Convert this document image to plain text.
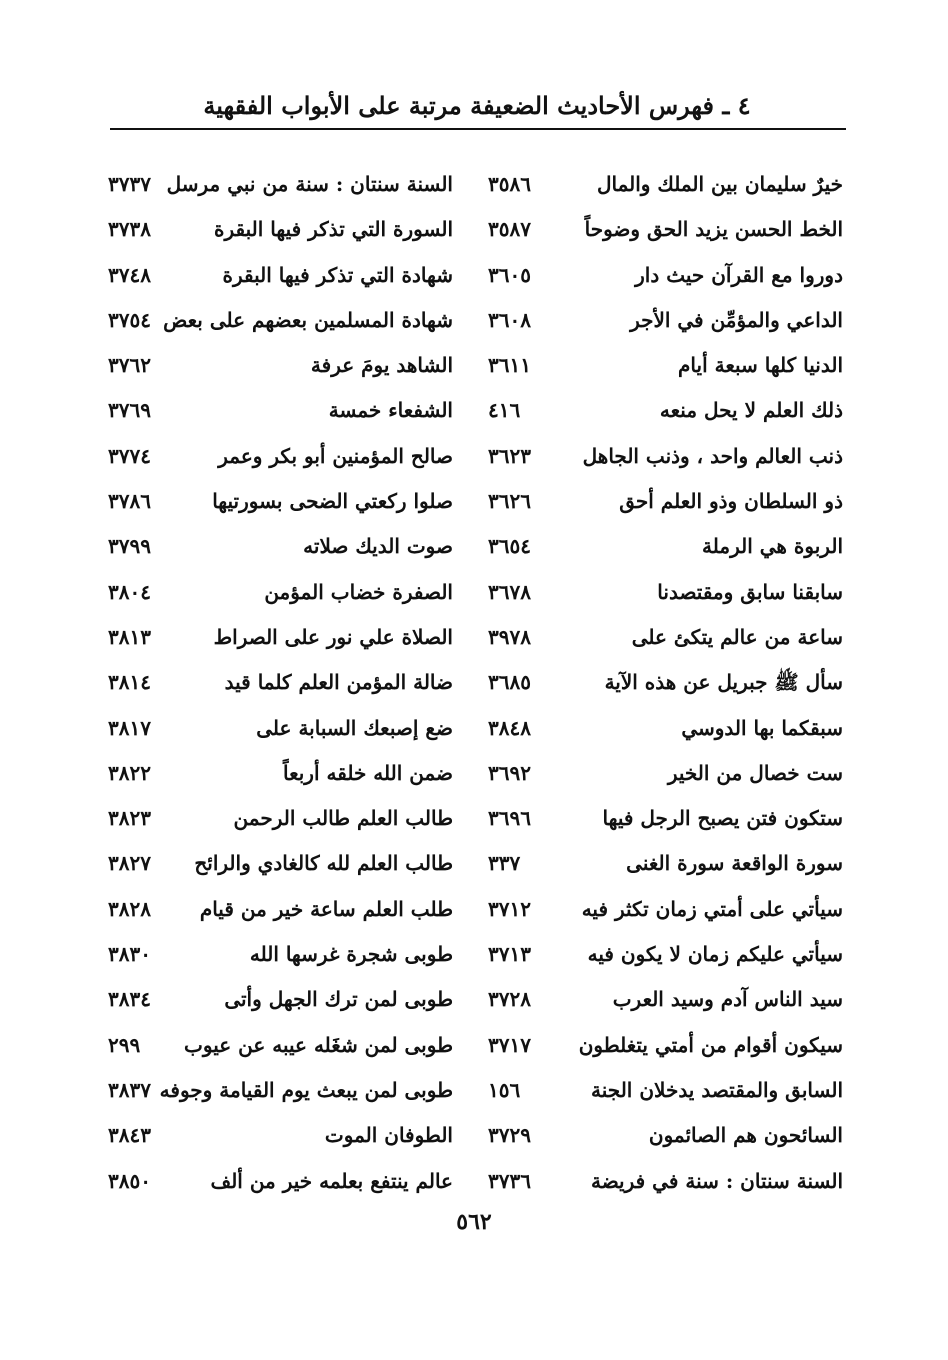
٤ ـ فهرس الأحاديث الضعيفة مرتبة على الأبواب الفقهية
خيرٌ سليمان بين الملك والمال
٣٥٨٦
السنة سنتان : سنة من نبي مرسل
٣٧٣٧
الخط الحسن يزيد الحق وضوحاً
٣٥٨٧
السورة التي تذكر فيها البقرة
٣٧٣٨
دوروا مع القرآن حيث دار
٣٦٠٥
شهادة التي تذكر فيها البقرة
٣٧٤٨
الداعي والمؤمِّن في الأجر
٣٦٠٨
شهادة المسلمين بعضهم على بعض
٣٧٥٤
الدنيا كلها سبعة أيام
٣٦١١
الشاهد يومَ عرفة
٣٧٦٢
ذلك العلم لا يحل منعه
٤١٦
الشفعاء خمسة
٣٧٦٩
ذنب العالم واحد ، وذنب الجاهل
٣٦٢٣
صالح المؤمنين أبو بكر وعمر
٣٧٧٤
ذو السلطان وذو العلم أحق
٣٦٢٦
صلوا ركعتي الضحى بسورتيها
٣٧٨٦
الربوة هي الرملة
٣٦٥٤
صوت الديك صلاته
٣٧٩٩
سابقنا سابق ومقتصدنا
٣٦٧٨
الصفرة خضاب المؤمن
٣٨٠٤
ساعة من عالم يتكئ على
٣٩٧٨
الصلاة علي نور على الصراط
٣٨١٣
سأل ﷺ جبريل عن هذه الآية
٣٦٨٥
ضالة المؤمن العلم كلما قيد
٣٨١٤
سبقكما بها الدوسي
٣٨٤٨
ضع إصبعك السبابة على
٣٨١٧
ست خصال من الخير
٣٦٩٢
ضمن الله خلقه أربعاً
٣٨٢٢
ستكون فتن يصبح الرجل فيها
٣٦٩٦
طالب العلم طالب الرحمن
٣٨٢٣
سورة الواقعة سورة الغنى
٣٣٧
طالب العلم لله كالغادي والرائح
٣٨٢٧
سيأتي على أمتي زمان تكثر فيه
٣٧١٢
طلب العلم ساعة خير من قيام
٣٨٢٨
سيأتي عليكم زمان لا يكون فيه
٣٧١٣
طوبى شجرة غرسها الله
٣٨٣٠
سيد الناس آدم وسيد العرب
٣٧٢٨
طوبى لمن ترك الجهل وأتى
٣٨٣٤
سيكون أقوام من أمتي يتغلطون
٣٧١٧
طوبى لمن شغَله عيبه عن عيوب
٢٩٩
السابق والمقتصد يدخلان الجنة
١٥٦
طوبى لمن يبعث يوم القيامة وجوفه
٣٨٣٧
السائحون هم الصائمون
٣٧٢٩
الطوفان الموت
٣٨٤٣
السنة سنتان : سنة في فريضة
٣٧٣٦
عالم ينتفع بعلمه خير من ألف
٣٨٥٠
٥٦٢
